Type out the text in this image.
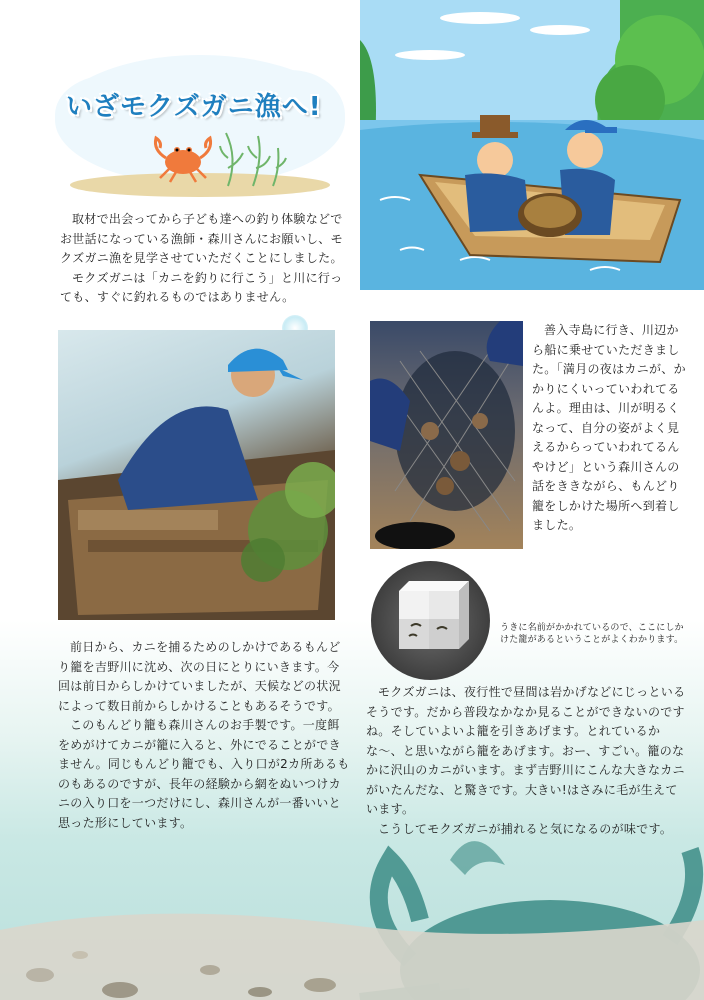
いざモクズガニ漁へ!

取材で出会ってから子ども達への釣り体験などでお世話になっている漁師・森川さんにお願いし、モクズガニ漁を見学させていただくことにしました。

モクズガニは「カニを釣りに行こう」と川に行っても、すぐに釣れるものではありません。

善入寺島に行き、川辺から船に乗せていただきました。「満月の夜はカニが、かかりにくいっていわれてるんよ。理由は、川が明るくなって、自分の姿がよく見えるからっていわれてるんやけど」という森川さんの話をききながら、もんどり籠をしかけた場所へ到着しました。

うきに名前がかかれているので、ここにしかけた籠があるということがよくわかります。

前日から、カニを捕るためのしかけであるもんどり籠を吉野川に沈め、次の日にとりにいきます。今回は前日からしかけていましたが、天候などの状況によって数日前からしかけることもあるそうです。

このもんどり籠も森川さんのお手製です。一度餌をめがけてカニが籠に入ると、外にでることができません。同じもんどり籠でも、入り口が2カ所あるものもあるのですが、長年の経験から網をぬいつけカニの入り口を一つだけにし、森川さんが一番いいと思った形にしています。

モクズガニは、夜行性で昼間は岩かげなどにじっといるそうです。だから普段なかなか見ることができないのですね。そしていよいよ籠を引きあげます。とれているかな〜、と思いながら籠をあげます。おー、すごい。籠のなかに沢山のカニがいます。まず吉野川にこんな大きなカニがいたんだな、と驚きです。大きい!はさみに毛が生えています。

こうしてモクズガニが捕れると気になるのが味です。
